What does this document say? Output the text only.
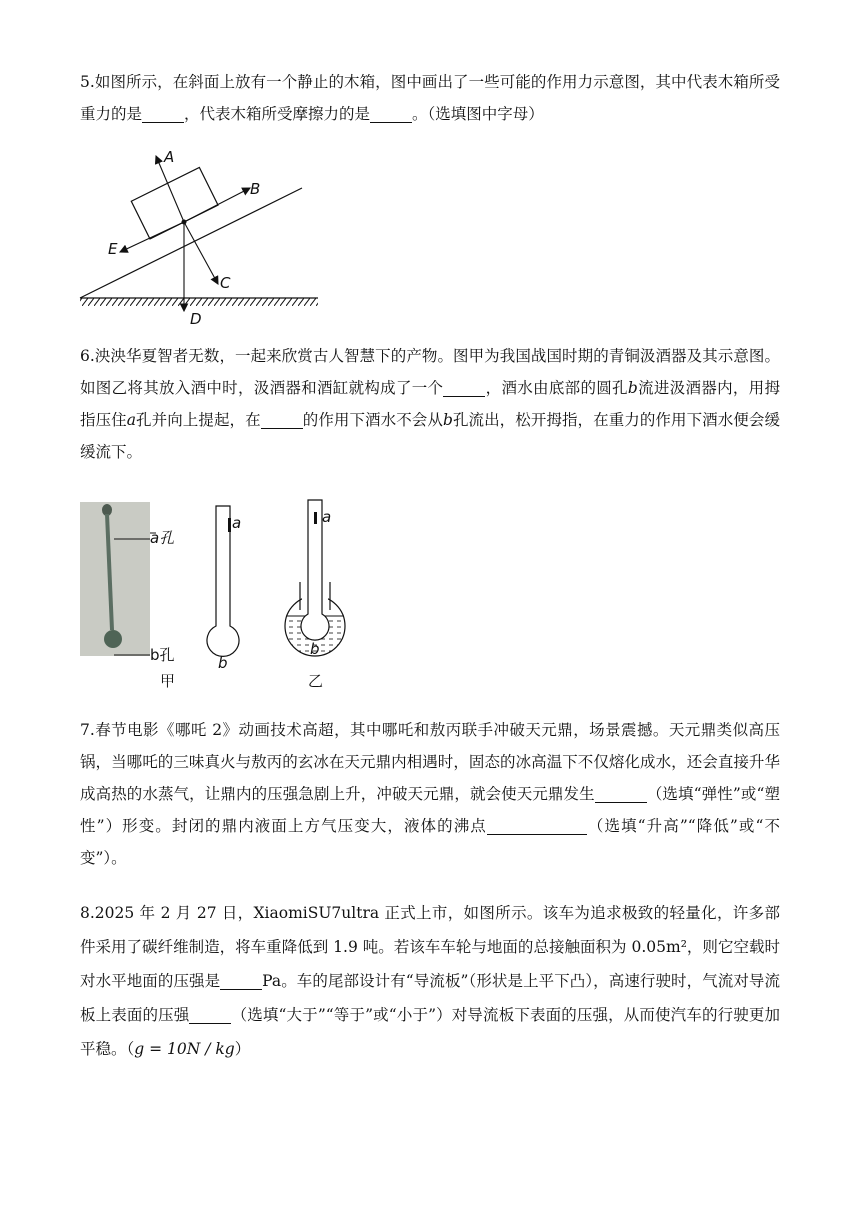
5.如图所示，在斜面上放有一个静止的木箱，图中画出了一些可能的作用力示意图，其中代表木箱所受重力的是	，代表木箱所受摩擦力的是	。（选填图中字母）

A
B
C
D
E

6.泱泱华夏智者无数，一起来欣赏古人智慧下的产物。图甲为我国战国时期的青铜汲酒器及其示意图。如图乙将其放入酒中时，汲酒器和酒缸就构成了一个	，酒水由底部的圆孔b流进汲酒器内，用拇指压住a孔并向上提起，在	的作用下酒水不会从b孔流出，松开拇指，在重力的作用下酒水便会缓缓流下。

a孔
b孔
甲
a
b
a
b
乙

7.春节电影《哪吒 2》动画技术高超，其中哪吒和敖丙联手冲破天元鼎，场景震撼。天元鼎类似高压锅，当哪吒的三味真火与敖丙的玄冰在天元鼎内相遇时，固态的冰高温下不仅熔化成水，还会直接升华成高热的水蒸气，让鼎内的压强急剧上升，冲破天元鼎，就会使天元鼎发生	（选填“弹性”或“塑性”）形变。封闭的鼎内液面上方气压变大，液体的沸点	（选填“升高”“降低”或“不变”）。

8.2025 年 2 月 27 日，XiaomiSU7ultra 正式上市，如图所示。该车为追求极致的轻量化，许多部件采用了碳纤维制造，将车重降低到 1.9 吨。若该车车轮与地面的总接触面积为 0.05m²，则它空载时对水平地面的压强是	Pa。车的尾部设计有“导流板”（形状是上平下凸），高速行驶时，气流对导流板上表面的压强	（选填“大于”“等于”或“小于”）对导流板下表面的压强，从而使汽车的行驶更加平稳。（g = 10N / kg）
